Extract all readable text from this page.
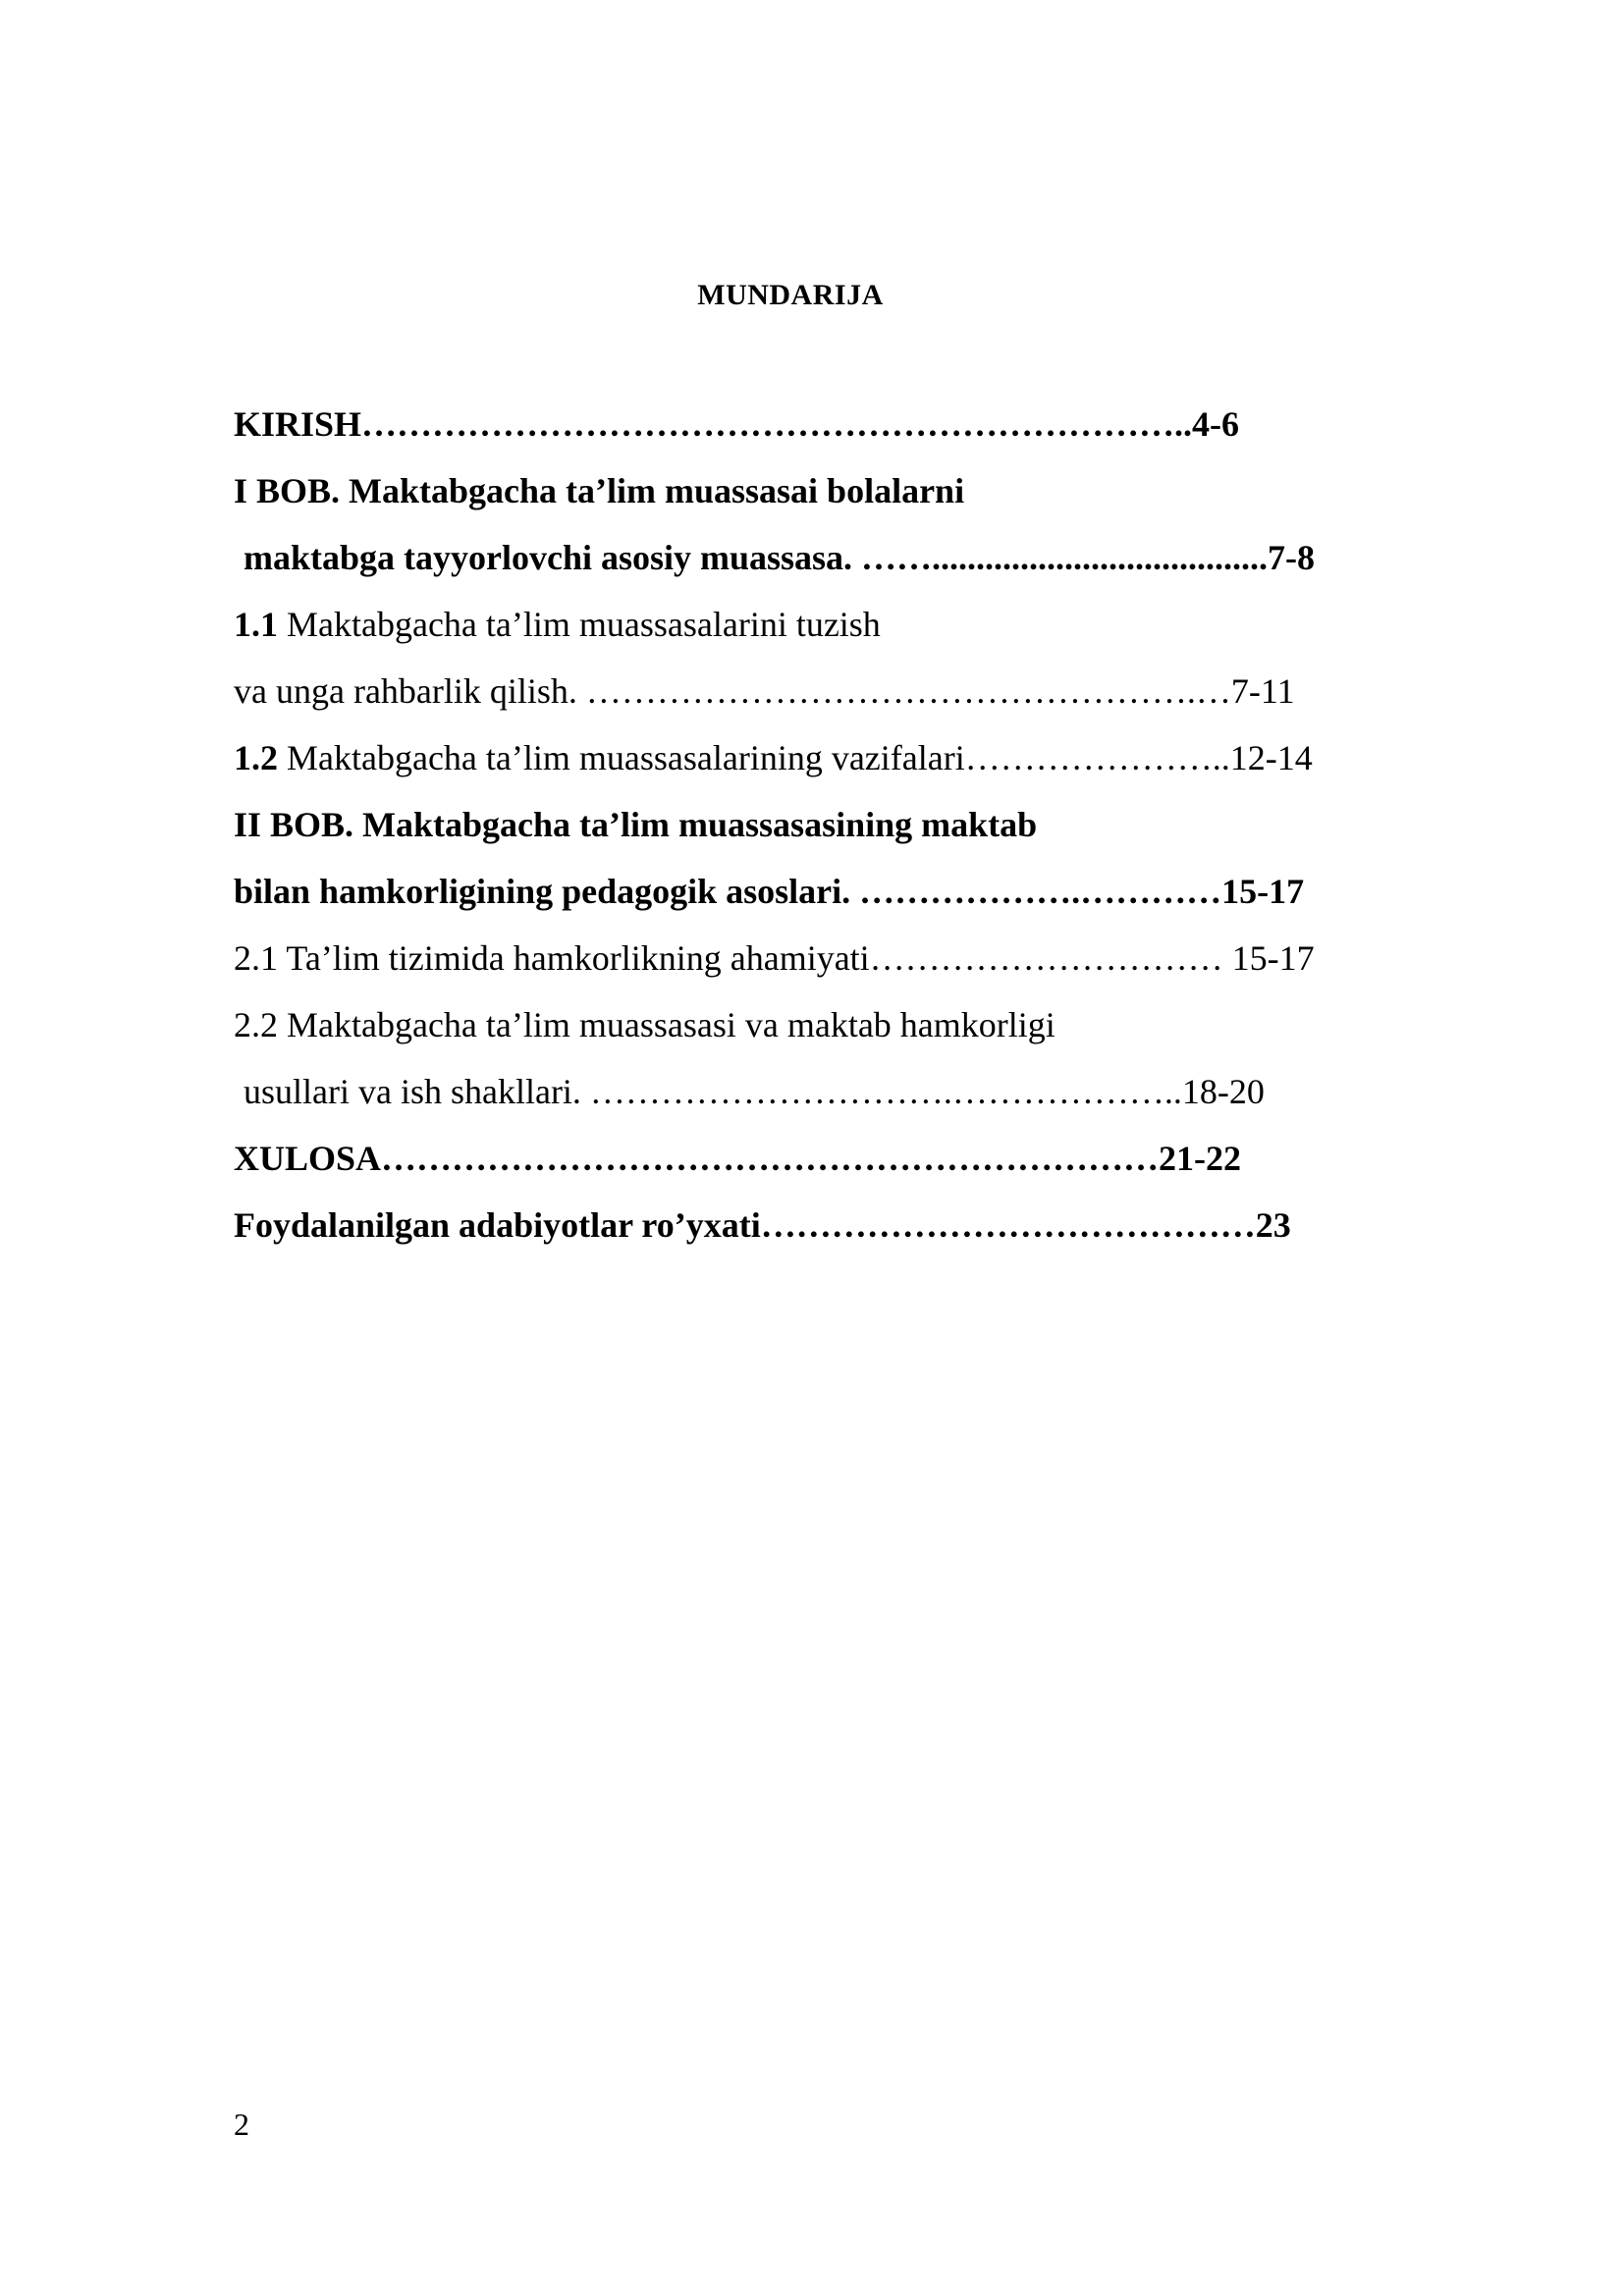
MUNDARIJA
KIRISH……………………………………………………………..4-6
I BOB. Maktabgacha ta’lim muassasai bolalarni
maktabga tayyorlovchi asosiy muassasa. ……......................................7-8
1.1 Maktabgacha ta’lim muassasalarini tuzish
va unga rahbarlik qilish. …………………………………………….…7-11
1.2 Maktabgacha ta’lim muassasalarining vazifalari…………………..12-14
II BOB. Maktabgacha ta’lim muassasasining maktab
bilan hamkorligining pedagogik asoslari. ……………….…………15-17
2.1 Ta’lim tizimida hamkorlikning ahamiyati………………………… 15-17
2.2 Maktabgacha ta’lim muassasasi va maktab hamkorligi
usullari va ish shakllari. ………………………….………………..18-20
XULOSA…………………………………………………………21-22
Foydalanilgan adabiyotlar ro’yxati……………………………………23
2
